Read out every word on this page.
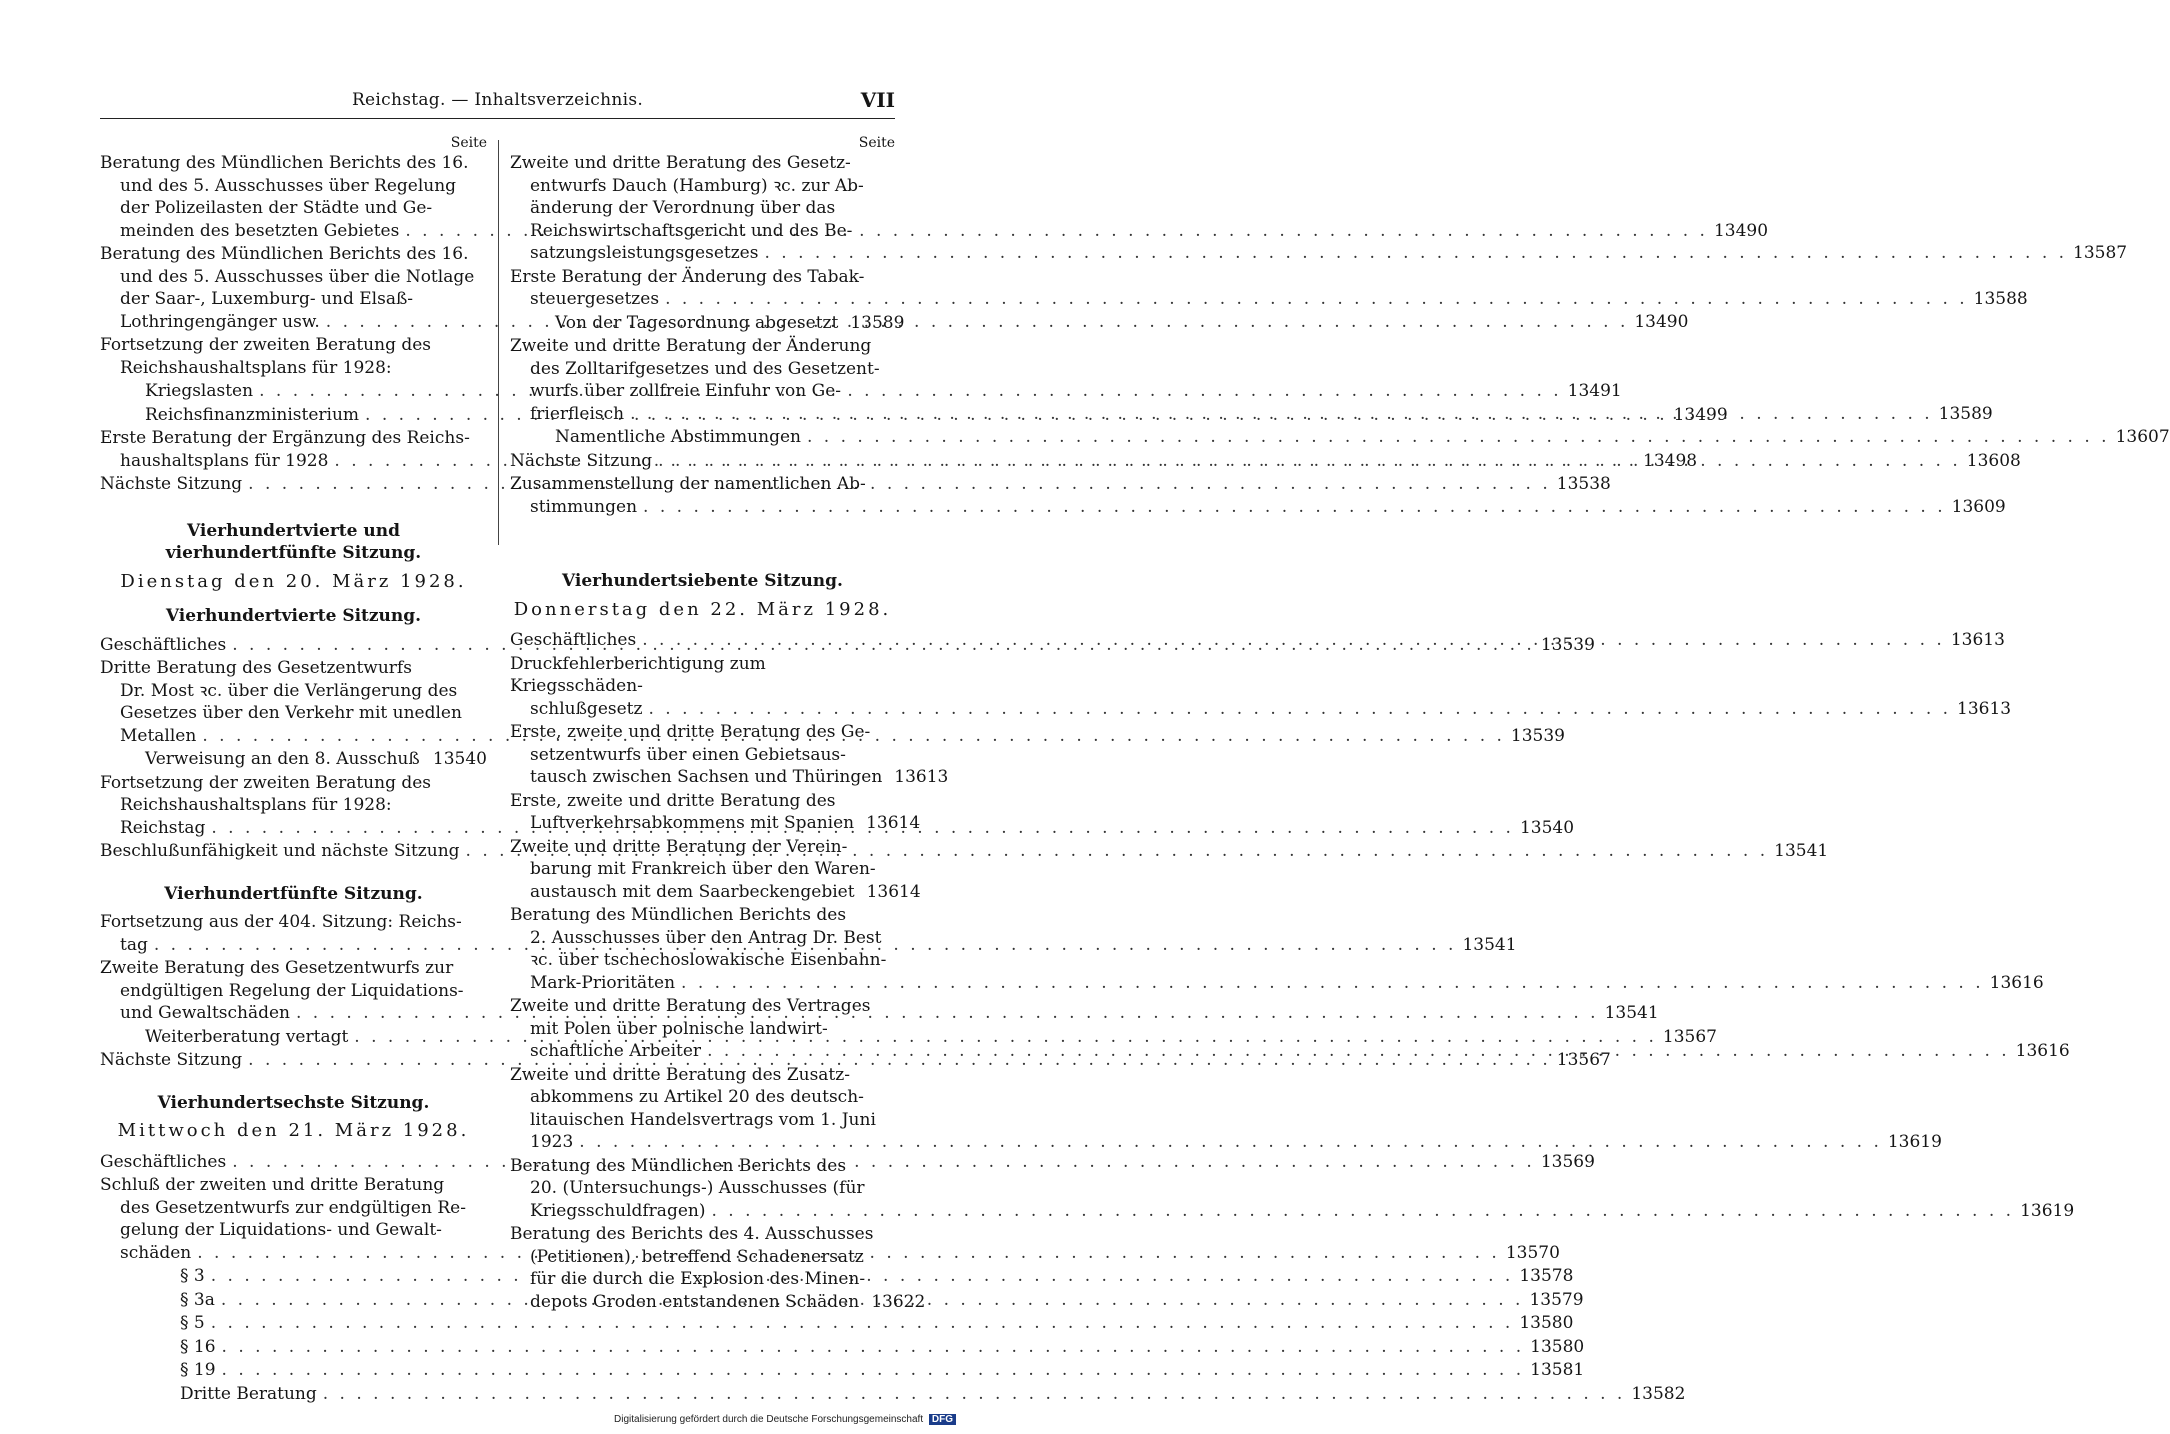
Reichstag. — Inhaltsverzeichnis.	VII
Seite
Beratung des Mündlichen Berichts des 16.
und des 5. Ausschusses über Regelung
der Polizeilasten der Städte und Ge-
meinden des besetzten Gebietes . . .	13490
Beratung des Mündlichen Berichts des 16.
und des 5. Ausschusses über die Notlage
der Saar-, Luxemburg- und Elsaß-
Lothringengänger usw. . . .	13490
Fortsetzung der zweiten Beratung des
Reichshaushaltsplans für 1928:
Kriegslasten . . .	13491
Reichsfinanzministerium . . .	13499
Erste Beratung der Ergänzung des Reichs-
haushaltsplans für 1928 . . .	13498
Nächste Sitzung . . .	13538
Vierhundertvierte und vierhundertfünfte Sitzung.
Dienstag den 20. März 1928.
Vierhundertvierte Sitzung.
Geschäftliches . . .	13539
Dritte Beratung des Gesetzentwurfs
Dr. Most ꝛc. über die Verlängerung des
Gesetzes über den Verkehr mit unedlen
Metallen . . .	13539
Verweisung an den 8. Ausschuß . . . 13540
Fortsetzung der zweiten Beratung des
Reichshaushaltsplans für 1928:
Reichstag . . .	13540
Beschlußunfähigkeit und nächste Sitzung . . .	13541
Vierhundertfünfte Sitzung.
Fortsetzung aus der 404. Sitzung: Reichs-
tag . . .	13541
Zweite Beratung des Gesetzentwurfs zur
endgültigen Regelung der Liquidations-
und Gewaltschäden . . .	13541
Weiterberatung vertagt . . .	13567
Nächste Sitzung . . .	13567
Vierhundertsechste Sitzung.
Mittwoch den 21. März 1928.
Geschäftliches . . .	13569
Schluß der zweiten und dritte Beratung
des Gesetzentwurfs zur endgültigen Re-
gelung der Liquidations- und Gewalt-
schäden . . .	13570
§ 3 . . .	13578
§ 3a . . .	13579
§ 5 . . .	13580
§ 16 . . .	13580
§ 19 . . .	13581
Dritte Beratung . . .	13582
Seite
Zweite und dritte Beratung des Gesetz-
entwurfs Dauch (Hamburg) ꝛc. zur Ab-
änderung der Verordnung über das
Reichswirtschaftsgericht und des Be-
satzungsleistungsgesetzes . . .	13587
Erste Beratung der Änderung des Tabak-
steuergesetzes . . .	13588
Von der Tagesordnung abgesetzt 13589
Zweite und dritte Beratung der Änderung
des Zolltarifgesetzes und des Gesetzent-
wurfs über zollfreie Einfuhr von Ge-
frierfleisch . . .	13589
Namentliche Abstimmungen . . .	13607
Nächste Sitzung . . .	13608
Zusammenstellung der namentlichen Ab-
stimmungen . . .	13609
Vierhundertsiebente Sitzung.
Donnerstag den 22. März 1928.
Geschäftliches . . .	13613
Druckfehlerberichtigung zum Kriegsschäden-
schlußgesetz . . .	13613
Erste, zweite und dritte Beratung des Ge-
setzentwurfs über einen Gebietsaus-
tausch zwischen Sachsen und Thüringen 13613
Erste, zweite und dritte Beratung des
Luftverkehrsabkommens mit Spanien 13614
Zweite und dritte Beratung der Verein-
barung mit Frankreich über den Waren-
austausch mit dem Saarbeckengebiet 13614
Beratung des Mündlichen Berichts des
2. Ausschusses über den Antrag Dr. Best
ꝛc. über tschechoslowakische Eisenbahn-
Mark-Prioritäten . . .	13616
Zweite und dritte Beratung des Vertrages
mit Polen über polnische landwirt-
schaftliche Arbeiter . . .	13616
Zweite und dritte Beratung des Zusatz-
abkommens zu Artikel 20 des deutsch-
litauischen Handelsvertrags vom 1. Juni
1923 . . .	13619
Beratung des Mündlichen Berichts des
20. (Untersuchungs-) Ausschusses (für
Kriegsschuldfragen) . . .	13619
Beratung des Berichts des 4. Ausschusses
(Petitionen), betreffend Schadenersatz
für die durch die Explosion des Minen-
depots Groden entstandenen Schäden 13622
Digitalisierung gefördert durch die Deutsche Forschungsgemeinschaft DFG
